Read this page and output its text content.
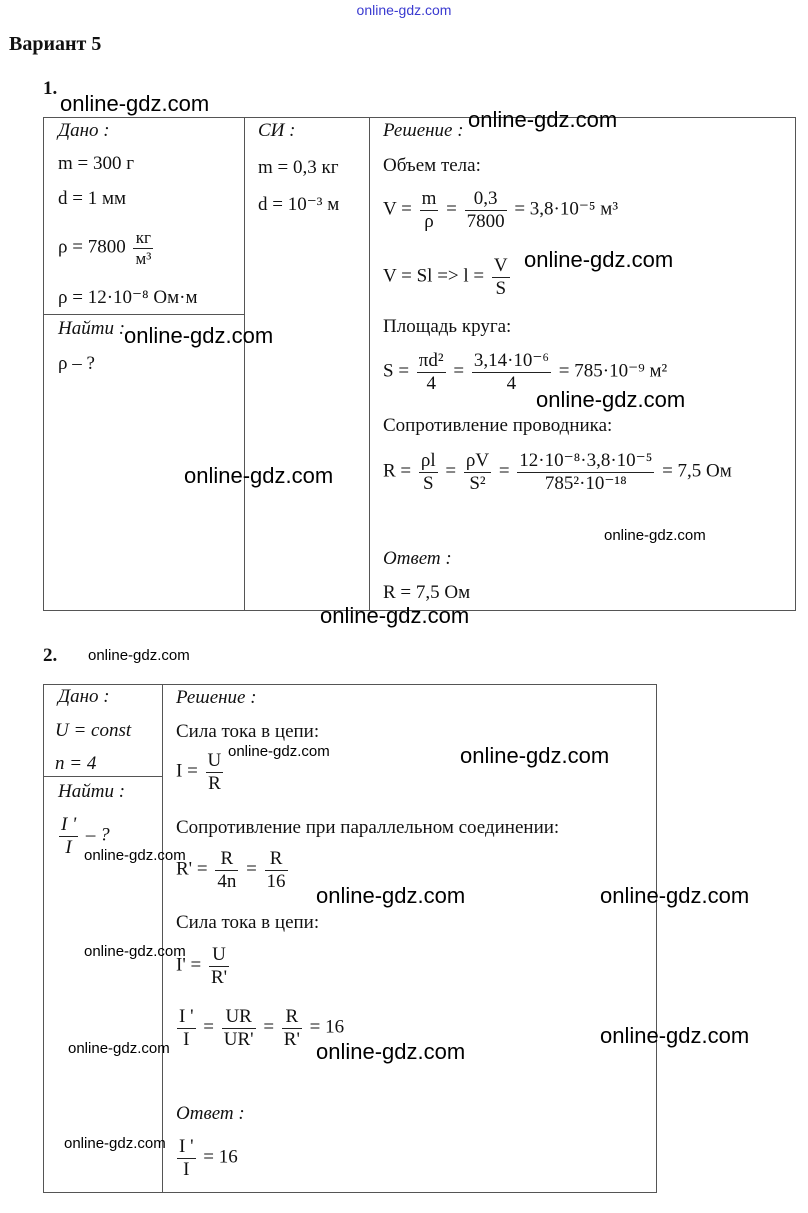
online-gdz.com
Вариант 5
1.
Дано :
m = 300 г
d = 1 мм
$\rho = 7800 \frac{кг}{\text{м³}}$
ρ = 12·10⁻⁸ Ом·м
СИ :
m = 0,3 кг
d = 10⁻³ м
Найти :
ρ – ?
Решение :
Объем тела:
$V = \frac{m}{\rho} = \frac{0,3}{7800} = 3,8\cdot 10^{-5}$ м³
$V = Sl => l = \frac{V}{S}$
Площадь круга:
$S = \frac{\text{πd²}}{4} = \frac{\text{3,14·10⁻⁶}}{4} = 785\cdot 10^{-9}$ м²
Сопротивление проводника:
$R = \frac{\rho l}{S} = \frac{\rho V}{\text{S²}} = \frac{\text{12·10⁻⁸·3,8·10⁻⁵}}{\text{785²·10⁻¹⁸}} = 7,5$ Ом
Ответ :
R = 7,5 Ом
2.
Дано :
U = const
n = 4
Найти :
$\frac{I '}{I}$ – ?
Решение :
Сила тока в цепи:
$I = \frac{U}{R}$
Сопротивление при параллельном соединении:
$R' = \frac{R}{4n} = \frac{R}{16}$
Сила тока в цепи:
$I' = \frac{U}{R'}$
$\frac{I '}{I} = \frac{UR}{UR'} = \frac{R}{R'} = 16$
Ответ :
$\frac{I '}{I} = 16$
online-gdz.com
online-gdz.com
online-gdz.com
online-gdz.com
online-gdz.com
online-gdz.com
online-gdz.com
online-gdz.com
online-gdz.com
online-gdz.com	online-gdz.com
online-gdz.com
online-gdz.com	online-gdz.com
online-gdz.com
online-gdz.com
online-gdz.com	online-gdz.com
online-gdz.com
